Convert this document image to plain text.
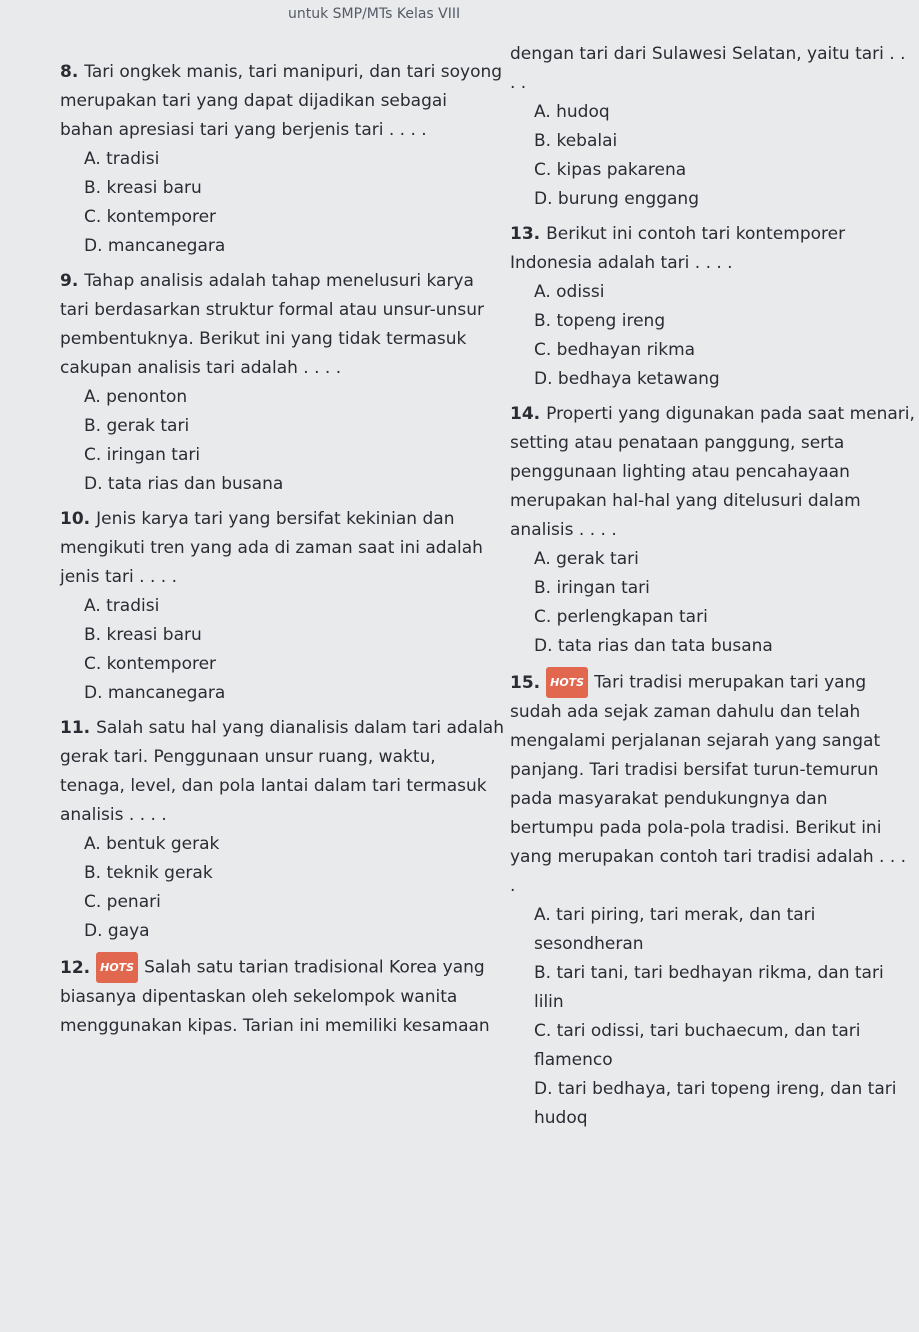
untuk SMP/MTs Kelas VIII
8. Tari ongkek manis, tari manipuri, dan tari soyong merupakan tari yang dapat dijadikan sebagai bahan apresiasi tari yang berjenis tari . . . .
A. tradisi
B. kreasi baru
C. kontemporer
D. mancanegara
9. Tahap analisis adalah tahap menelusuri karya tari berdasarkan struktur formal atau unsur-unsur pembentuknya. Berikut ini yang tidak termasuk cakupan analisis tari adalah . . . .
A. penonton
B. gerak tari
C. iringan tari
D. tata rias dan busana
10. Jenis karya tari yang bersifat kekinian dan mengikuti tren yang ada di zaman saat ini adalah jenis tari . . . .
A. tradisi
B. kreasi baru
C. kontemporer
D. mancanegara
11. Salah satu hal yang dianalisis dalam tari adalah gerak tari. Penggunaan unsur ruang, waktu, tenaga, level, dan pola lantai dalam tari termasuk analisis . . . .
A. bentuk gerak
B. teknik gerak
C. penari
D. gaya
12. HOTS Salah satu tarian tradisional Korea yang biasanya dipentaskan oleh sekelompok wanita menggunakan kipas. Tarian ini memiliki kesamaan
dengan tari dari Sulawesi Selatan, yaitu tari . . . .
A. hudoq
B. kebalai
C. kipas pakarena
D. burung enggang
13. Berikut ini contoh tari kontemporer Indonesia adalah tari . . . .
A. odissi
B. topeng ireng
C. bedhayan rikma
D. bedhaya ketawang
14. Properti yang digunakan pada saat menari, setting atau penataan panggung, serta penggunaan lighting atau pencahayaan merupakan hal-hal yang ditelusuri dalam analisis . . . .
A. gerak tari
B. iringan tari
C. perlengkapan tari
D. tata rias dan tata busana
15. HOTS Tari tradisi merupakan tari yang sudah ada sejak zaman dahulu dan telah mengalami perjalanan sejarah yang sangat panjang. Tari tradisi bersifat turun-temurun pada masyarakat pendukungnya dan bertumpu pada pola-pola tradisi. Berikut ini yang merupakan contoh tari tradisi adalah . . . .
A. tari piring, tari merak, dan tari sesondheran
B. tari tani, tari bedhayan rikma, dan tari lilin
C. tari odissi, tari buchaecum, dan tari flamenco
D. tari bedhaya, tari topeng ireng, dan tari hudoq
